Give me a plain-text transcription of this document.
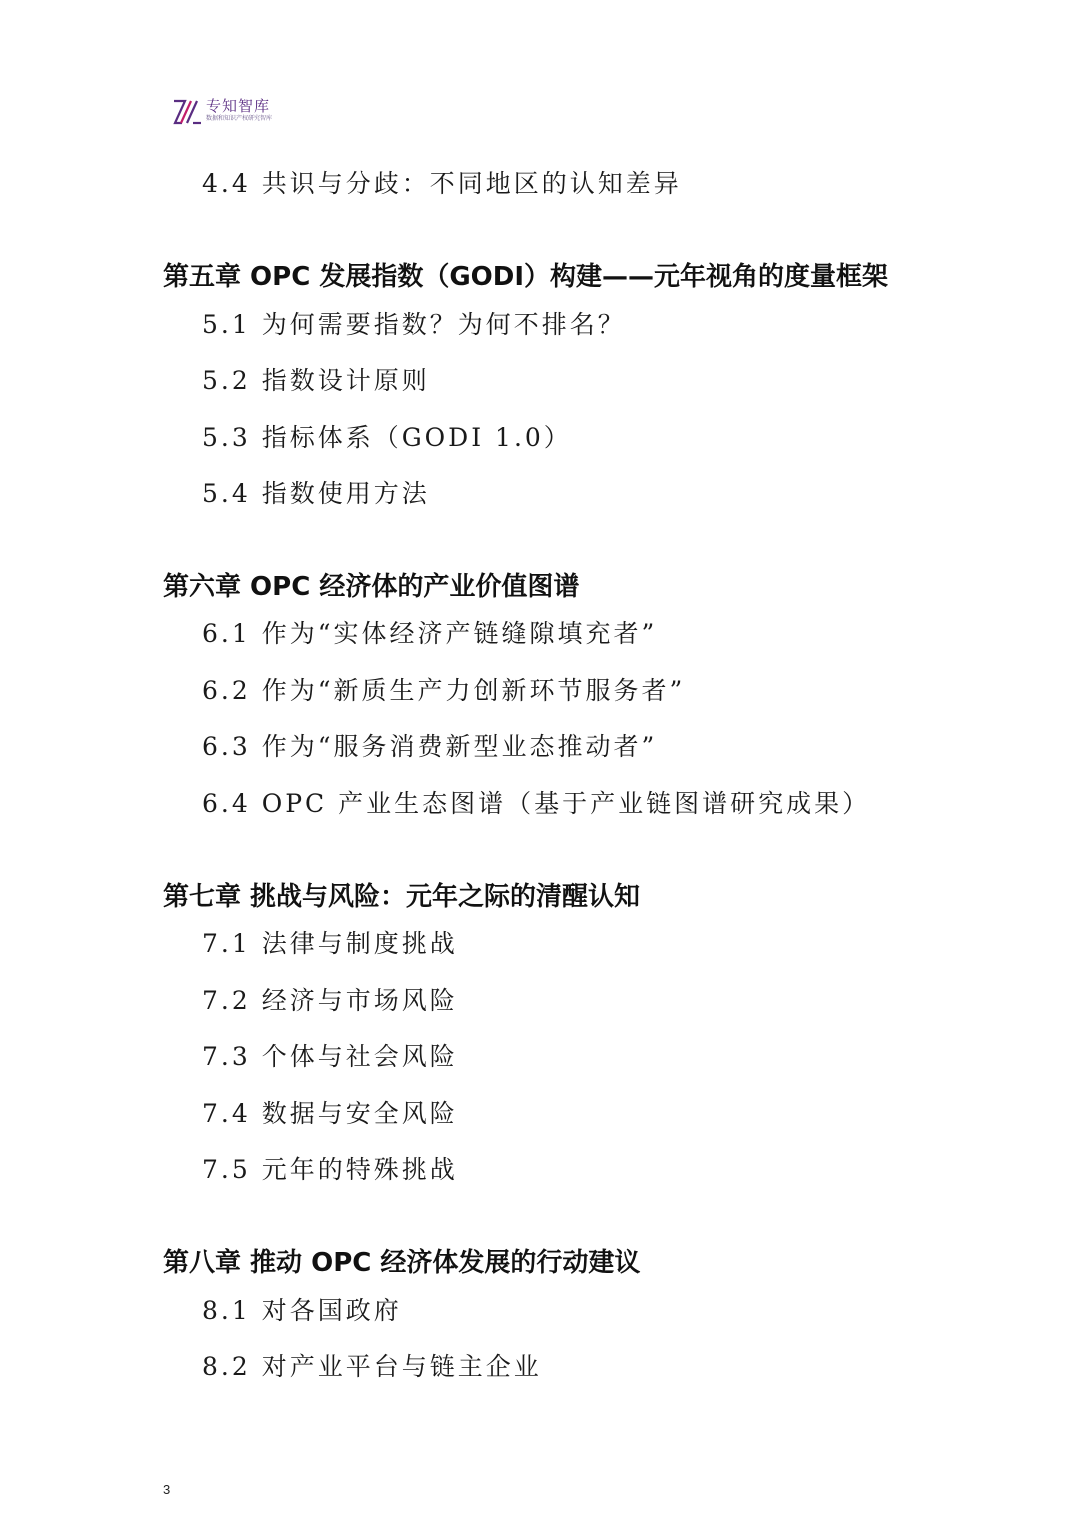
专知智库
数据和知识产权研究智库
4.4 共识与分歧：不同地区的认知差异
第五章 OPC 发展指数（GODI）构建——元年视角的度量框架
5.1 为何需要指数？为何不排名？
5.2 指数设计原则
5.3 指标体系（GODI 1.0）
5.4 指数使用方法
第六章 OPC 经济体的产业价值图谱
6.1 作为“实体经济产链缝隙填充者”
6.2 作为“新质生产力创新环节服务者”
6.3 作为“服务消费新型业态推动者”
6.4 OPC 产业生态图谱（基于产业链图谱研究成果）
第七章 挑战与风险：元年之际的清醒认知
7.1 法律与制度挑战
7.2 经济与市场风险
7.3 个体与社会风险
7.4 数据与安全风险
7.5 元年的特殊挑战
第八章 推动 OPC 经济体发展的行动建议
8.1 对各国政府
8.2 对产业平台与链主企业
3
